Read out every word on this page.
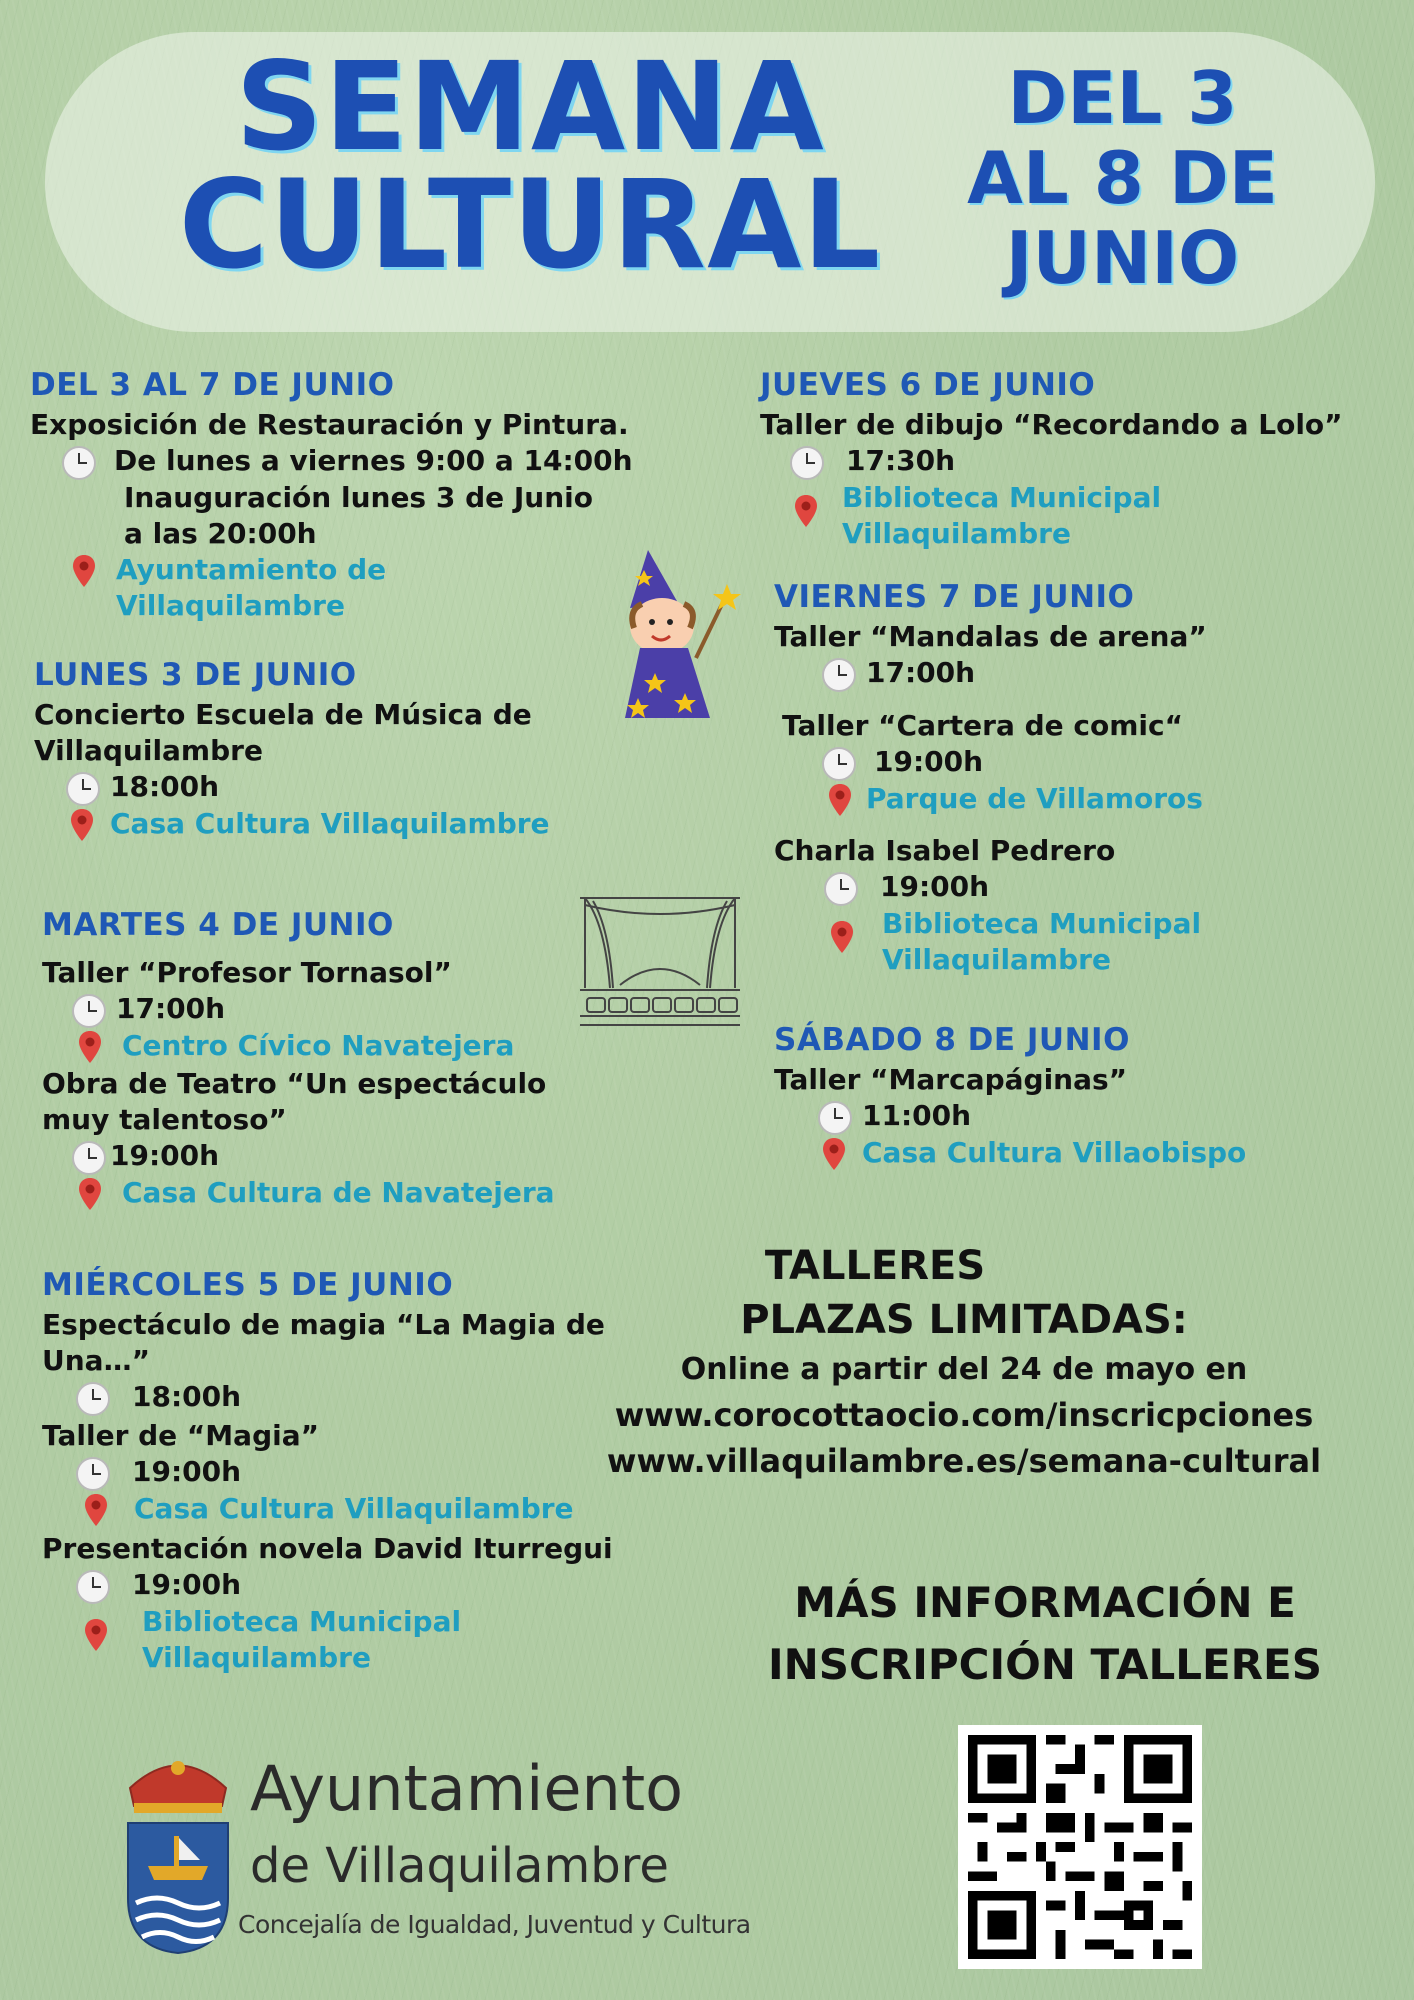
SEMANA
CULTURAL
DEL 3
AL 8 DE
JUNIO
DEL 3 AL 7 DE JUNIO
Exposición de Restauración y Pintura.
De lunes a viernes 9:00 a 14:00h
Inauguración lunes 3 de Junio
a las 20:00h
Ayuntamiento de
Villaquilambre
LUNES 3 DE JUNIO
Concierto Escuela de Música de
Villaquilambre
18:00h
Casa Cultura Villaquilambre
MARTES 4 DE JUNIO
Taller “Profesor Tornasol”
17:00h
Centro Cívico Navatejera
Obra de Teatro “Un espectáculo
muy talentoso”
19:00h
Casa Cultura de Navatejera
MIÉRCOLES 5 DE JUNIO
Espectáculo de magia “La Magia de
Una…”
18:00h
Taller de “Magia”
19:00h
Casa Cultura Villaquilambre
Presentación novela David Iturregui
19:00h
Biblioteca Municipal
Villaquilambre
JUEVES 6 DE JUNIO
Taller de dibujo “Recordando a Lolo”
17:30h
Biblioteca Municipal
Villaquilambre
VIERNES 7 DE JUNIO
Taller “Mandalas de arena”
17:00h
Taller “Cartera de comic“
19:00h
Parque de Villamoros
Charla Isabel Pedrero
19:00h
Biblioteca Municipal
Villaquilambre
SÁBADO 8 DE JUNIO
Taller “Marcapáginas”
11:00h
Casa Cultura Villaobispo
TALLERES
PLAZAS LIMITADAS:
Online a partir del 24 de mayo en
www.corocottaocio.com/inscricpciones
www.villaquilambre.es/semana-cultural
MÁS INFORMACIÓN E
INSCRIPCIÓN TALLERES
Ayuntamiento
de Villaquilambre
Concejalía de Igualdad, Juventud y Cultura
